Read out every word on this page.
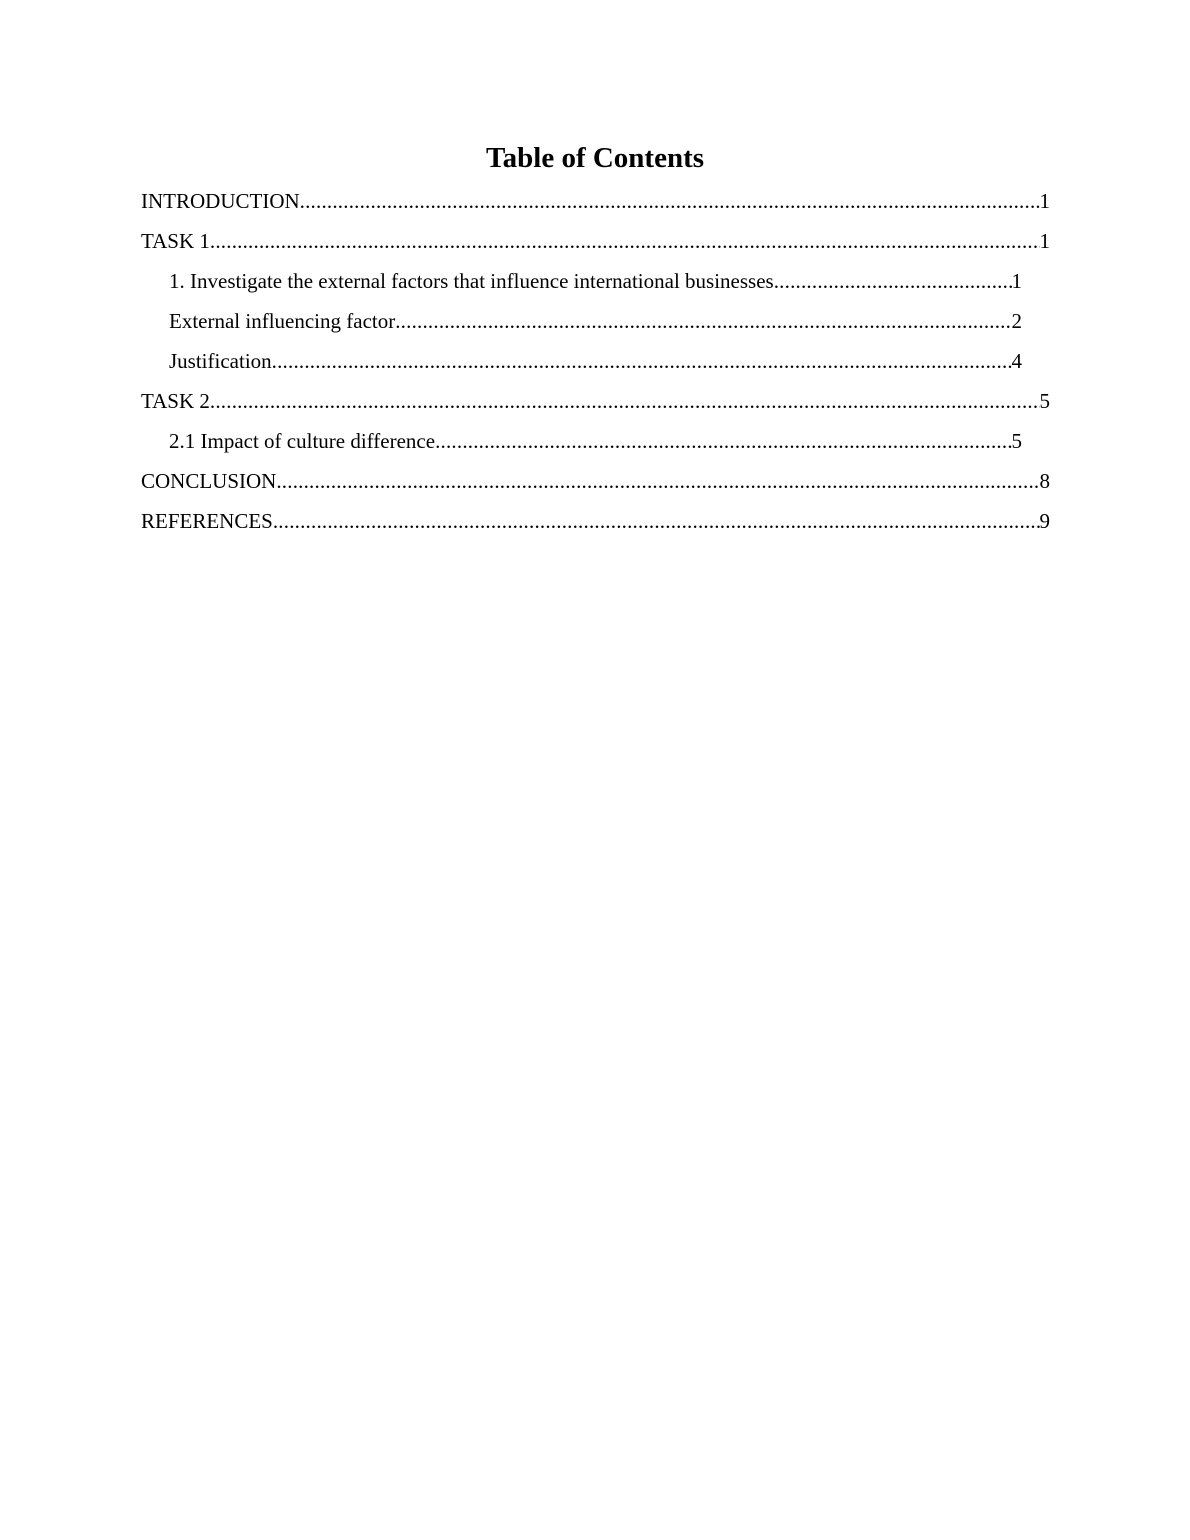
Table of Contents
INTRODUCTION .....	1
TASK 1 .....	1
1. Investigate the external factors that influence international businesses .....	1
External influencing factor .....	2
Justification .....	4
TASK 2 .....	5
2.1 Impact of culture difference .....	5
CONCLUSION .....	8
REFERENCES .....	9
